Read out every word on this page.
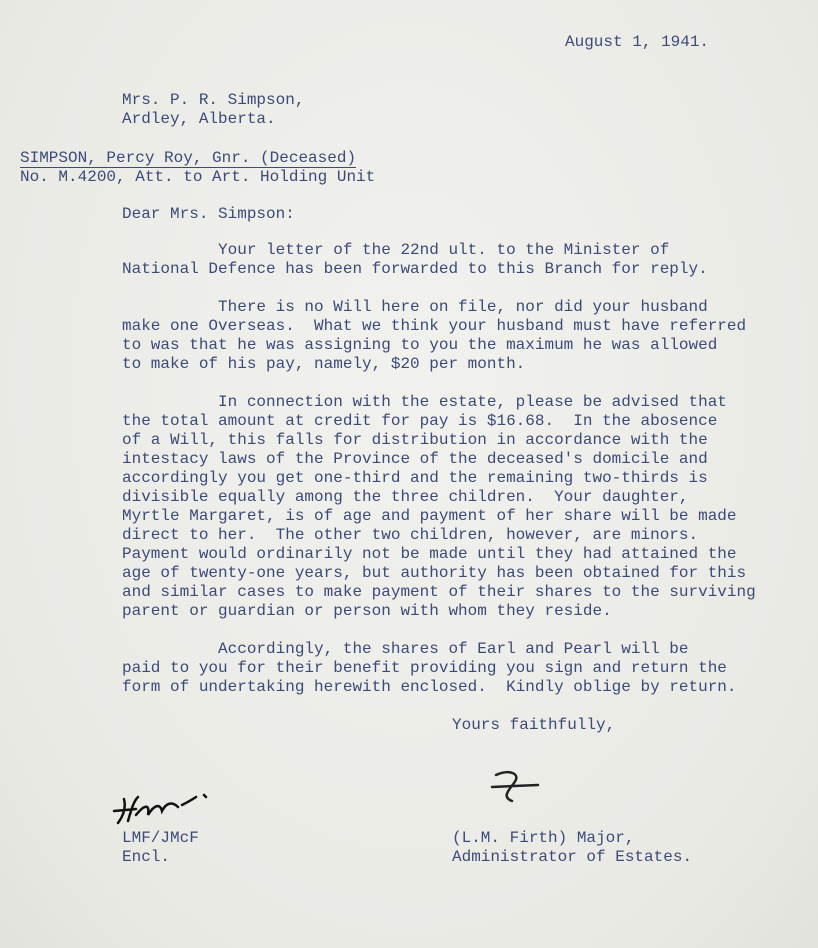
August 1, 1941.
Mrs. P. R. Simpson,
Ardley, Alberta.
SIMPSON, Percy Roy, Gnr. (Deceased)
No. M.4200, Att. to Art. Holding Unit
Dear Mrs. Simpson:
Your letter of the 22nd ult. to the Minister of
National Defence has been forwarded to this Branch for reply.
There is no Will here on file, nor did your husband
make one Overseas.  What we think your husband must have referred
to was that he was assigning to you the maximum he was allowed
to make of his pay, namely, $20 per month.
In connection with the estate, please be advised that
the total amount at credit for pay is $16.68.  In the abosence
of a Will, this falls for distribution in accordance with the
intestacy laws of the Province of the deceased's domicile and
accordingly you get one-third and the remaining two-thirds is
divisible equally among the three children.  Your daughter,
Myrtle Margaret, is of age and payment of her share will be made
direct to her.  The other two children, however, are minors.
Payment would ordinarily not be made until they had attained the
age of twenty-one years, but authority has been obtained for this
and similar cases to make payment of their shares to the surviving
parent or guardian or person with whom they reside.
Accordingly, the shares of Earl and Pearl will be
paid to you for their benefit providing you sign and return the
form of undertaking herewith enclosed.  Kindly oblige by return.
Yours faithfully,
LMF/JMcF
Encl.
(L.M. Firth) Major,
Administrator of Estates.
